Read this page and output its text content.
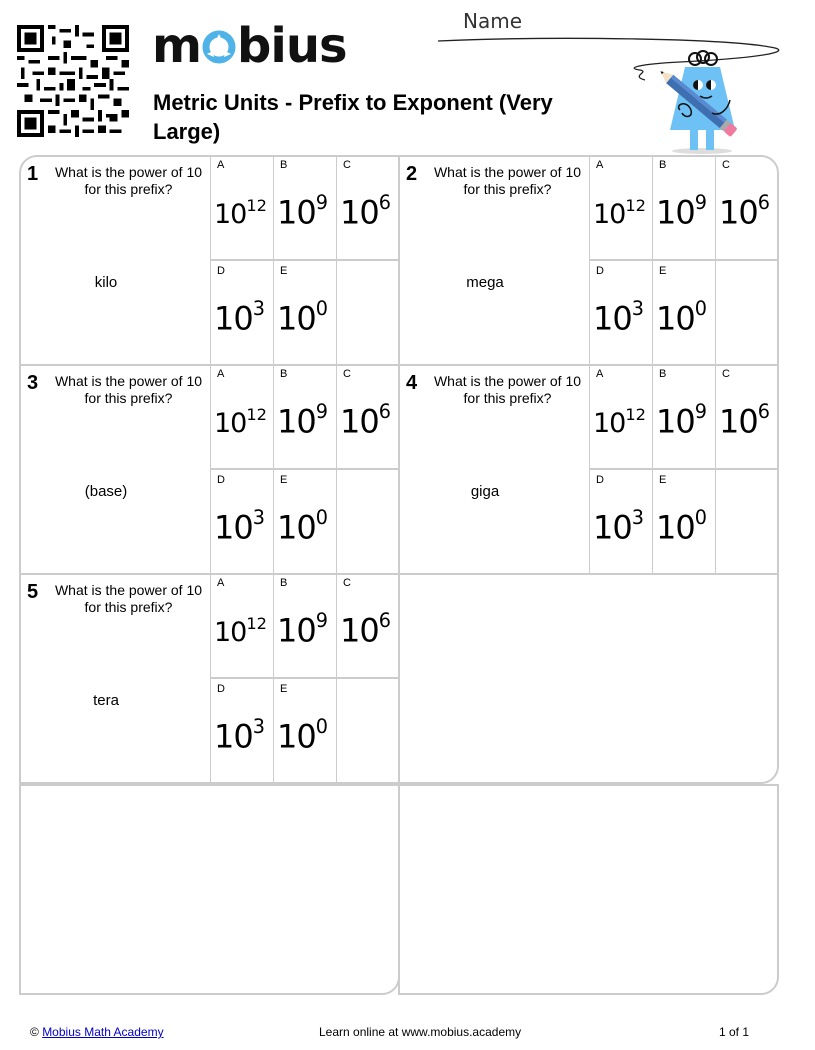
m bius
Metric Units - Prefix to Exponent (Very Large)
Name
1 What is the power of 10 for this prefix?
kilo
A
$10^{12}$
B
$10^9$
C
$10^6$
D
$10^3$
E
$10^0$
2 What is the power of 10 for this prefix?
mega
A
$10^{12}$
B
$10^9$
C
$10^6$
D
$10^3$
E
$10^0$
3 What is the power of 10 for this prefix?
(base)
A
$10^{12}$
B
$10^9$
C
$10^6$
D
$10^3$
E
$10^0$
4 What is the power of 10 for this prefix?
giga
A
$10^{12}$
B
$10^9$
C
$10^6$
D
$10^3$
E
$10^0$
5 What is the power of 10 for this prefix?
tera
A
$10^{12}$
B
$10^9$
C
$10^6$
D
$10^3$
E
$10^0$
© Mobius Math Academy	Learn online at www.mobius.academy	1 of 1
